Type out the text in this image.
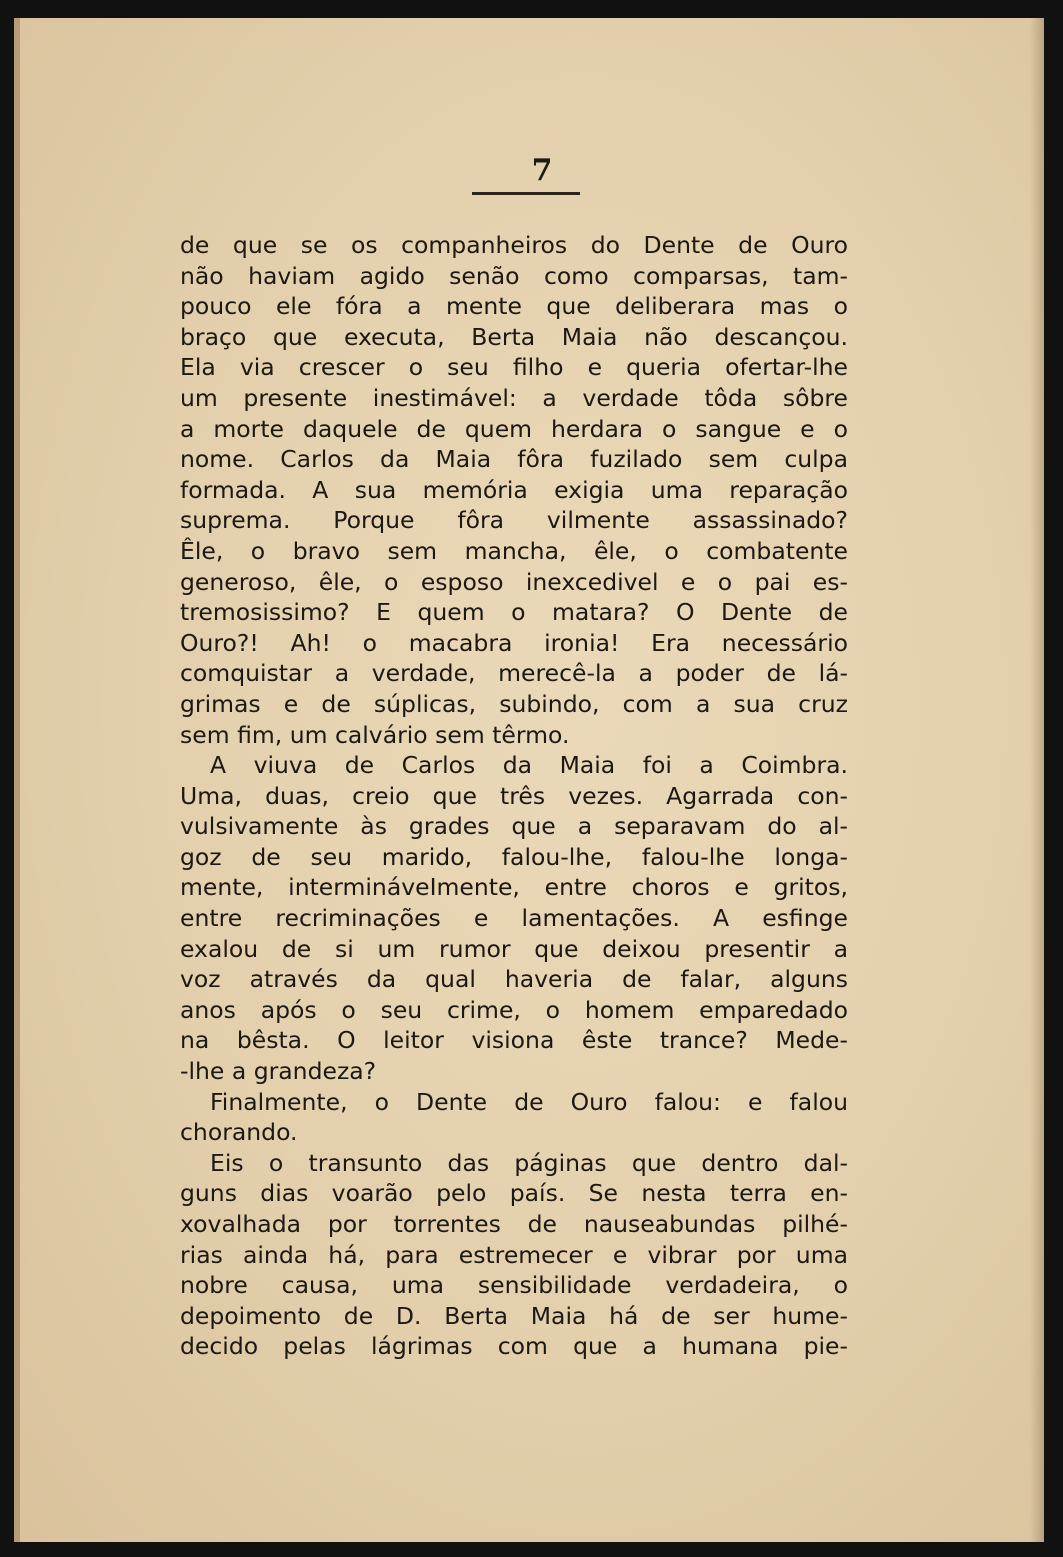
7
de que se os companheiros do Dente de Ouro
não haviam agido senão como comparsas, tam-
pouco ele fóra a mente que deliberara mas o
braço que executa, Berta Maia não descançou.
Ela via crescer o seu filho e queria ofertar-lhe
um presente inestimável: a verdade tôda sôbre
a morte daquele de quem herdara o sangue e o
nome. Carlos da Maia fôra fuzilado sem culpa
formada. A sua memória exigia uma reparação
suprema. Porque fôra vilmente assassinado?
Êle, o bravo sem mancha, êle, o combatente
generoso, êle, o esposo inexcedivel e o pai es-
tremosissimo? E quem o matara? O Dente de
Ouro?! Ah! o macabra ironia! Era necessário
comquistar a verdade, merecê-la a poder de lá-
grimas e de súplicas, subindo, com a sua cruz
sem fim, um calvário sem têrmo.
A viuva de Carlos da Maia foi a Coimbra.
Uma, duas, creio que três vezes. Agarrada con-
vulsivamente às grades que a separavam do al-
goz de seu marido, falou-lhe, falou-lhe longa-
mente, intermináveImente, entre choros e gritos,
entre recriminações e lamentações. A esfinge
exalou de si um rumor que deixou presentir a
voz através da qual haveria de falar, alguns
anos após o seu crime, o homem emparedado
na bêsta. O leitor visiona êste trance? Mede-
-lhe a grandeza?
Finalmente, o Dente de Ouro falou: e falou
chorando.
Eis o transunto das páginas que dentro dal-
guns dias voarão pelo país. Se nesta terra en-
xovalhada por torrentes de nauseabundas pilhé-
rias ainda há, para estremecer e vibrar por uma
nobre causa, uma sensibilidade verdadeira, o
depoimento de D. Berta Maia há de ser hume-
decido pelas lágrimas com que a humana pie-
